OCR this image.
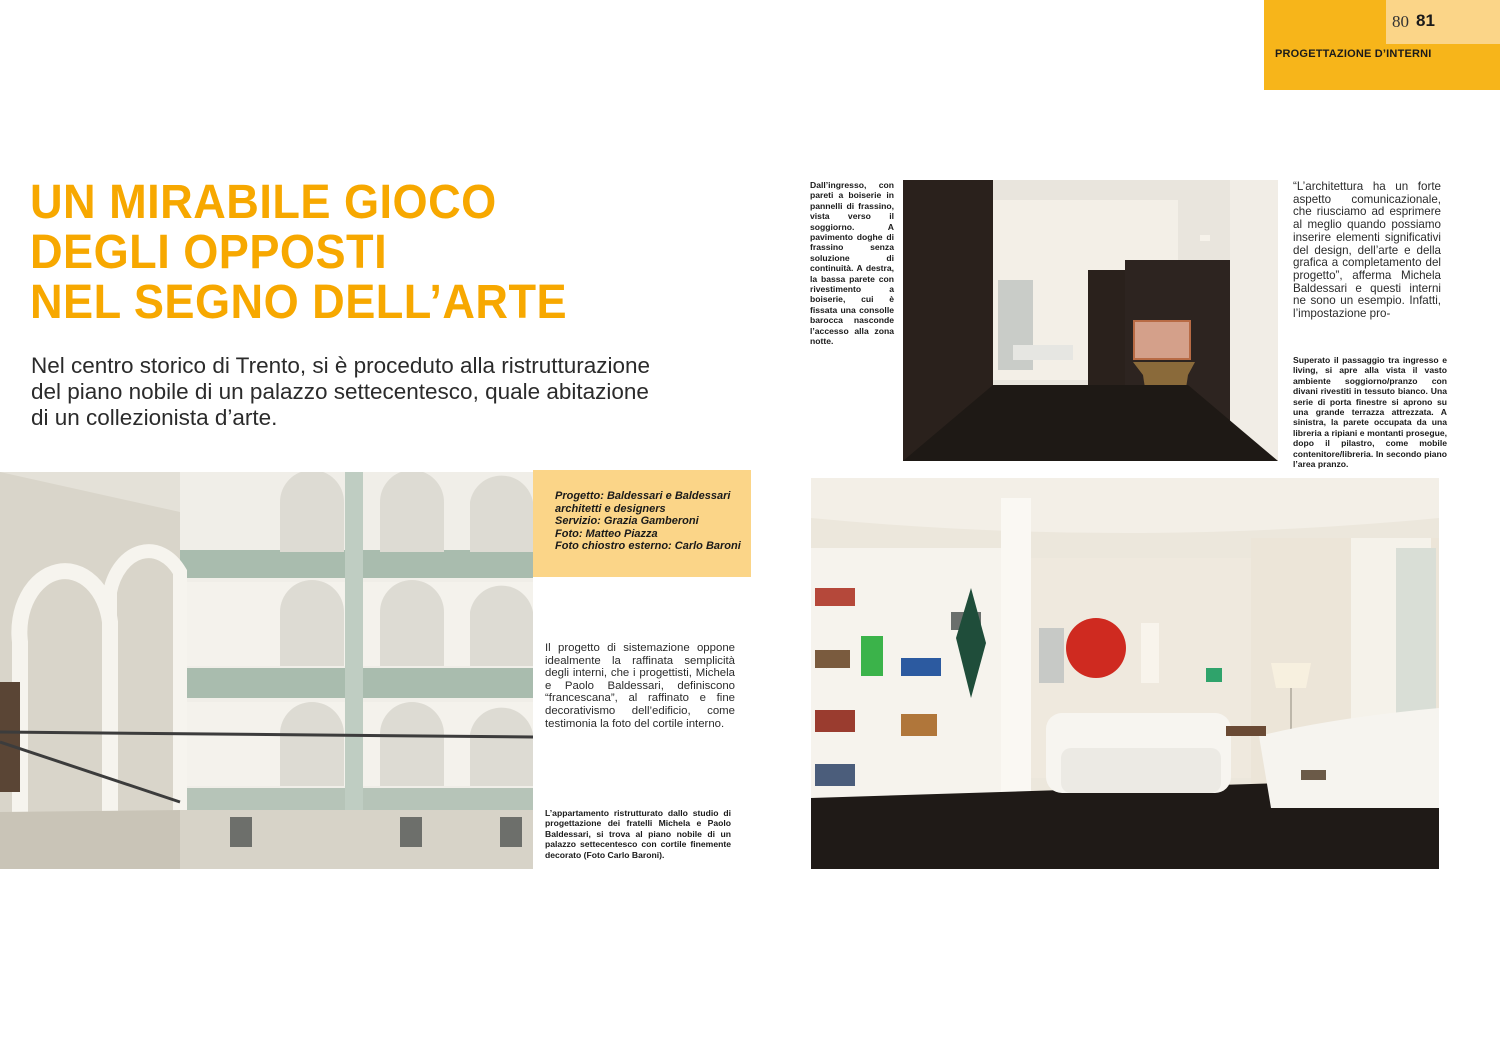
80 81
PROGETTAZIONE D’INTERNI
UN MIRABILE GIOCO
DEGLI OPPOSTI
NEL SEGNO DELL’ARTE

Nel centro storico di Trento, si è proceduto alla ristrutturazione del piano nobile di un palazzo settecentesco, quale abitazione di un collezionista d’arte.

Progetto: Baldessari e Baldessari architetti e designers
Servizio: Grazia Gamberoni
Foto: Matteo Piazza
Foto chiostro esterno: Carlo Baroni

Il progetto di sistemazione oppone idealmente la raffinata semplicità degli interni, che i progettisti, Michela e Paolo Baldessari, definiscono “francescana”, al raffinato e fine decorativismo dell’edificio, come testimonia la foto del cortile interno.

L’appartamento ristrutturato dallo studio di progettazione dei fratelli Michela e Paolo Baldessari, si trova al piano nobile di un palazzo settecentesco con cortile finemente decorato (Foto Carlo Baroni).

Dall’ingresso, con pareti a boiserie in pannelli di frassino, vista verso il soggiorno. A pavimento doghe di frassino senza soluzione di continuità. A destra, la bassa parete con rivestimento a boiserie, cui è fissata una consolle barocca nasconde l’accesso alla zona notte.

“L’architettura ha un forte aspetto comunicazionale, che riusciamo ad esprimere al meglio quando possiamo inserire elementi significativi del design, dell’arte e della grafica a completamento del progetto”, afferma Michela Baldessari e questi interni ne sono un esempio. Infatti, l’impostazione pro-

Superato il passaggio tra ingresso e living, si apre alla vista il vasto ambiente soggiorno/pranzo con divani rivestiti in tessuto bianco. Una serie di porta finestre si aprono su una grande terrazza attrezzata. A sinistra, la parete occupata da una libreria a ripiani e montanti prosegue, dopo il pilastro, come mobile contenitore/libreria. In secondo piano l’area pranzo.
